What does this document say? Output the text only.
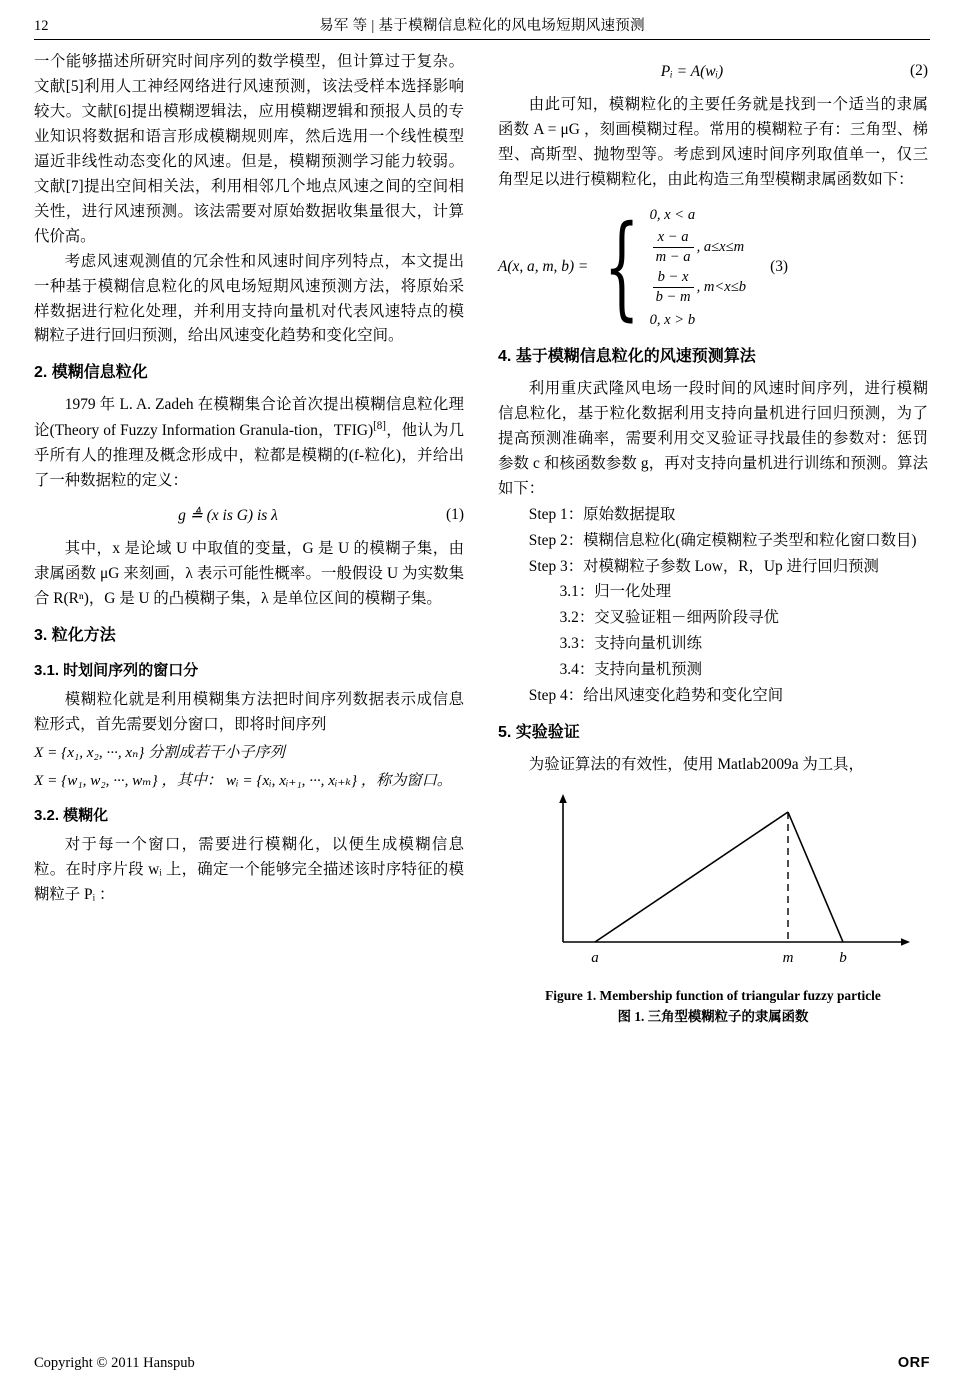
12	易军 等 | 基于模糊信息粒化的风电场短期风速预测

一个能够描述所研究时间序列的数学模型，但计算过于复杂。文献[5]利用人工神经网络进行风速预测，该法受样本选择影响较大。文献[6]提出模糊逻辑法，应用模糊逻辑和预报人员的专业知识将数据和语言形成模糊规则库，然后选用一个线性模型逼近非线性动态变化的风速。但是，模糊预测学习能力较弱。文献[7]提出空间相关法，利用相邻几个地点风速之间的空间相关性，进行风速预测。该法需要对原始数据收集量很大，计算代价高。

考虑风速观测值的冗余性和风速时间序列特点，本文提出一种基于模糊信息粒化的风电场短期风速预测方法，将原始采样数据进行粒化处理，并利用支持向量机对代表风速特点的模糊粒子进行回归预测，给出风速变化趋势和变化空间。

2. 模糊信息粒化

1979 年 L. A. Zadeh 在模糊集合论首次提出模糊信息粒化理论(Theory of Fuzzy Information Granula-tion，TFIG)[8]，他认为几乎所有人的推理及概念形成中，粒都是模糊的(f-粒化)，并给出了一种数据粒的定义：

g ≜ (x is G) is λ	(1)

其中，x 是论域 U 中取值的变量，G 是 U 的模糊子集，由隶属函数 μG 来刻画，λ 表示可能性概率。一般假设 U 为实数集合 R(Rⁿ)，G 是 U 的凸模糊子集，λ 是单位区间的模糊子集。

3. 粒化方法
3.1. 时划间序列的窗口分

模糊粒化就是利用模糊集方法把时间序列数据表示成信息粒形式，首先需要划分窗口，即将时间序列

X = {x₁, x₂, ···, xₙ} 分割成若干小子序列

X = {w₁, w₂, ···, wₘ} ，其中： wᵢ = {xᵢ, xᵢ₊₁, ···, xᵢ₊ₖ} ，称为窗口。

3.2. 模糊化

对于每一个窗口，需要进行模糊化，以便生成模糊信息粒。在时序片段 wᵢ 上，确定一个能够完全描述该时序特征的模糊粒子 Pᵢ ：

Pᵢ = A(wᵢ)	(2)

由此可知，模糊粒化的主要任务就是找到一个适当的隶属函数 A = μG ，刻画模糊过程。常用的模糊粒子有：三角型、梯型、高斯型、抛物型等。考虑到风速时间序列取值单一，仅三角型足以进行模糊粒化，由此构造三角型模糊隶属函数如下：

A(x, a, m, b) = { 0, x < a
$\frac{x - a}{m - a}$ , a ≤ x ≤ m
$\frac{b - x}{b - m}$ , m < x ≤ b
0, x > b
(3)
4. 基于模糊信息粒化的风速预测算法

利用重庆武隆风电场一段时间的风速时间序列，进行模糊信息粒化，基于粒化数据利用支持向量机进行回归预测，为了提高预测准确率，需要利用交叉验证寻找最佳的参数对：惩罚参数 c 和核函数参数 g，再对支持向量机进行训练和预测。算法如下：

Step 1：原始数据提取

Step 2：模糊信息粒化(确定模糊粒子类型和粒化窗口数目)

Step 3：对模糊粒子参数 Low，R，Up 进行回归预测

3.1：归一化处理

3.2：交叉验证粗－细两阶段寻优

3.3：支持向量机训练

3.4：支持向量机预测

Step 4：给出风速变化趋势和变化空间

5. 实验验证

为验证算法的有效性，使用 Matlab2009a 为工具，

a	m	b
Figure 1. Membership function of triangular fuzzy particle
图 1. 三角型模糊粒子的隶属函数
Copyright © 2011 Hanspub	ORF
